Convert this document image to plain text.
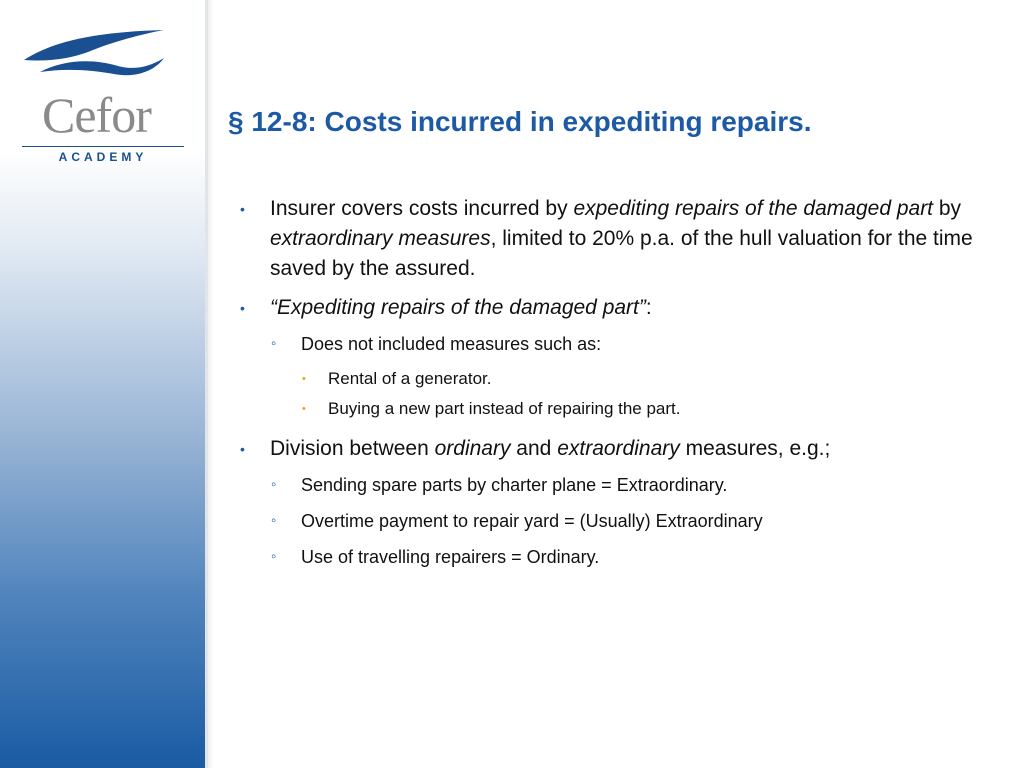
Cefor
ACADEMY
§ 12-8: Costs incurred in expediting repairs.
• Insurer covers costs incurred by expediting repairs of the damaged part by extraordinary measures, limited to 20% p.a. of the hull valuation for the time saved by the assured.
• “Expediting repairs of the damaged part”:
◦ Does not included measures such as:
• Rental of a generator.
• Buying a new part instead of repairing the part.
• Division between ordinary and extraordinary measures, e.g.;
◦ Sending spare parts by charter plane = Extraordinary.
◦ Overtime payment to repair yard = (Usually) Extraordinary
◦ Use of travelling repairers = Ordinary.
